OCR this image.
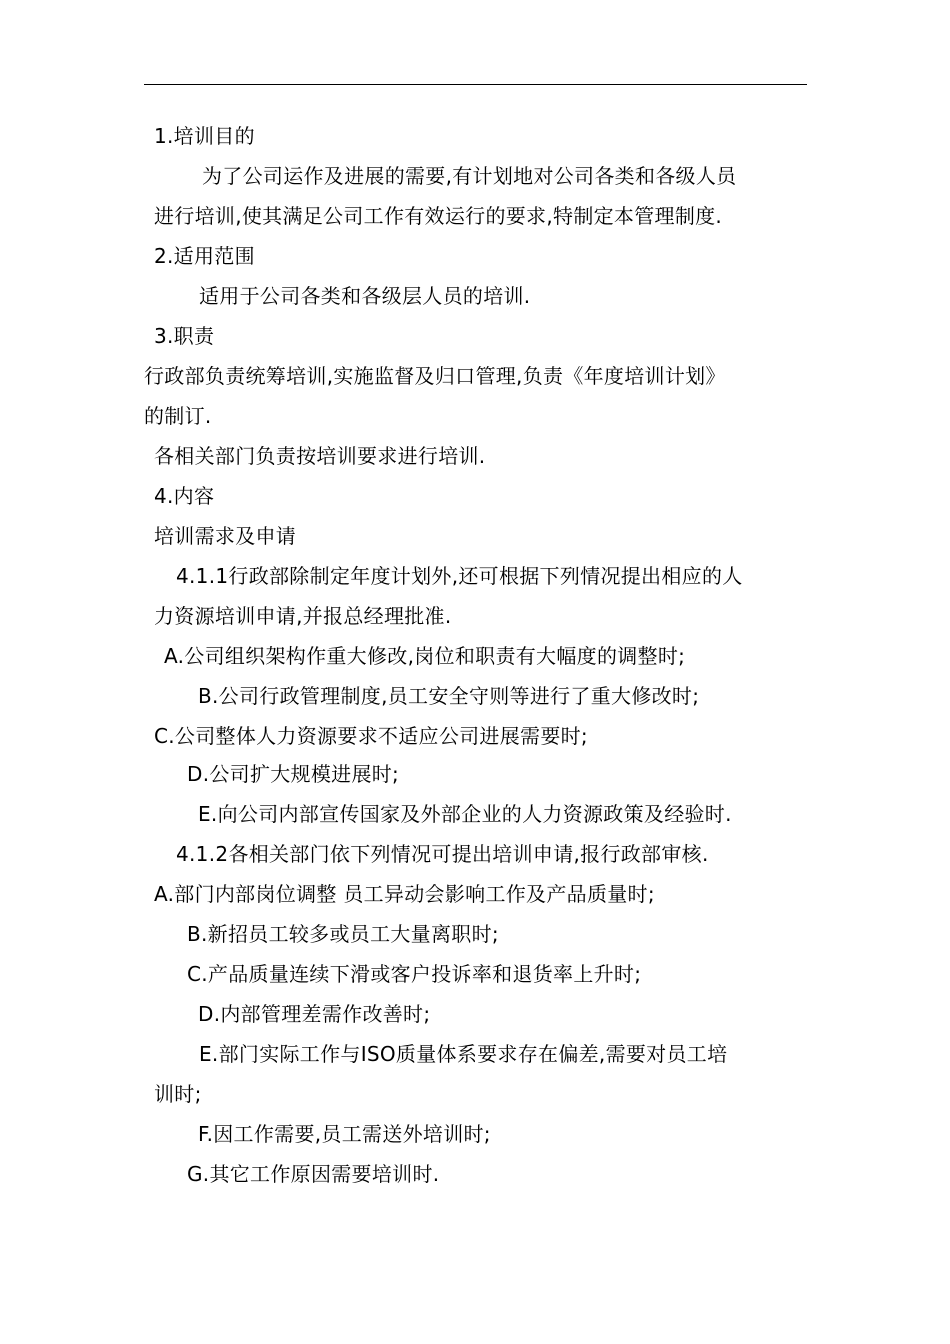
1.培训目的
为了公司运作及进展的需要,有计划地对公司各类和各级人员
进行培训,使其满足公司工作有效运行的要求,特制定本管理制度.
2.适用范围
适用于公司各类和各级层人员的培训.
3.职责
行政部负责统筹培训,实施监督及归口管理,负责《年度培训计划》
的制订.
各相关部门负责按培训要求进行培训.
4.内容
培训需求及申请
4.1.1行政部除制定年度计划外,还可根据下列情况提出相应的人
力资源培训申请,并报总经理批准.
A.公司组织架构作重大修改,岗位和职责有大幅度的调整时;
B.公司行政管理制度,员工安全守则等进行了重大修改时;
C.公司整体人力资源要求不适应公司进展需要时;
D.公司扩大规模进展时;
E.向公司内部宣传国家及外部企业的人力资源政策及经验时.
4.1.2各相关部门依下列情况可提出培训申请,报行政部审核.
A.部门内部岗位调整 员工异动会影响工作及产品质量时;
B.新招员工较多或员工大量离职时;
C.产品质量连续下滑或客户投诉率和退货率上升时;
D.内部管理差需作改善时;
E.部门实际工作与ISO质量体系要求存在偏差,需要对员工培
训时;
F.因工作需要,员工需送外培训时;
G.其它工作原因需要培训时.
